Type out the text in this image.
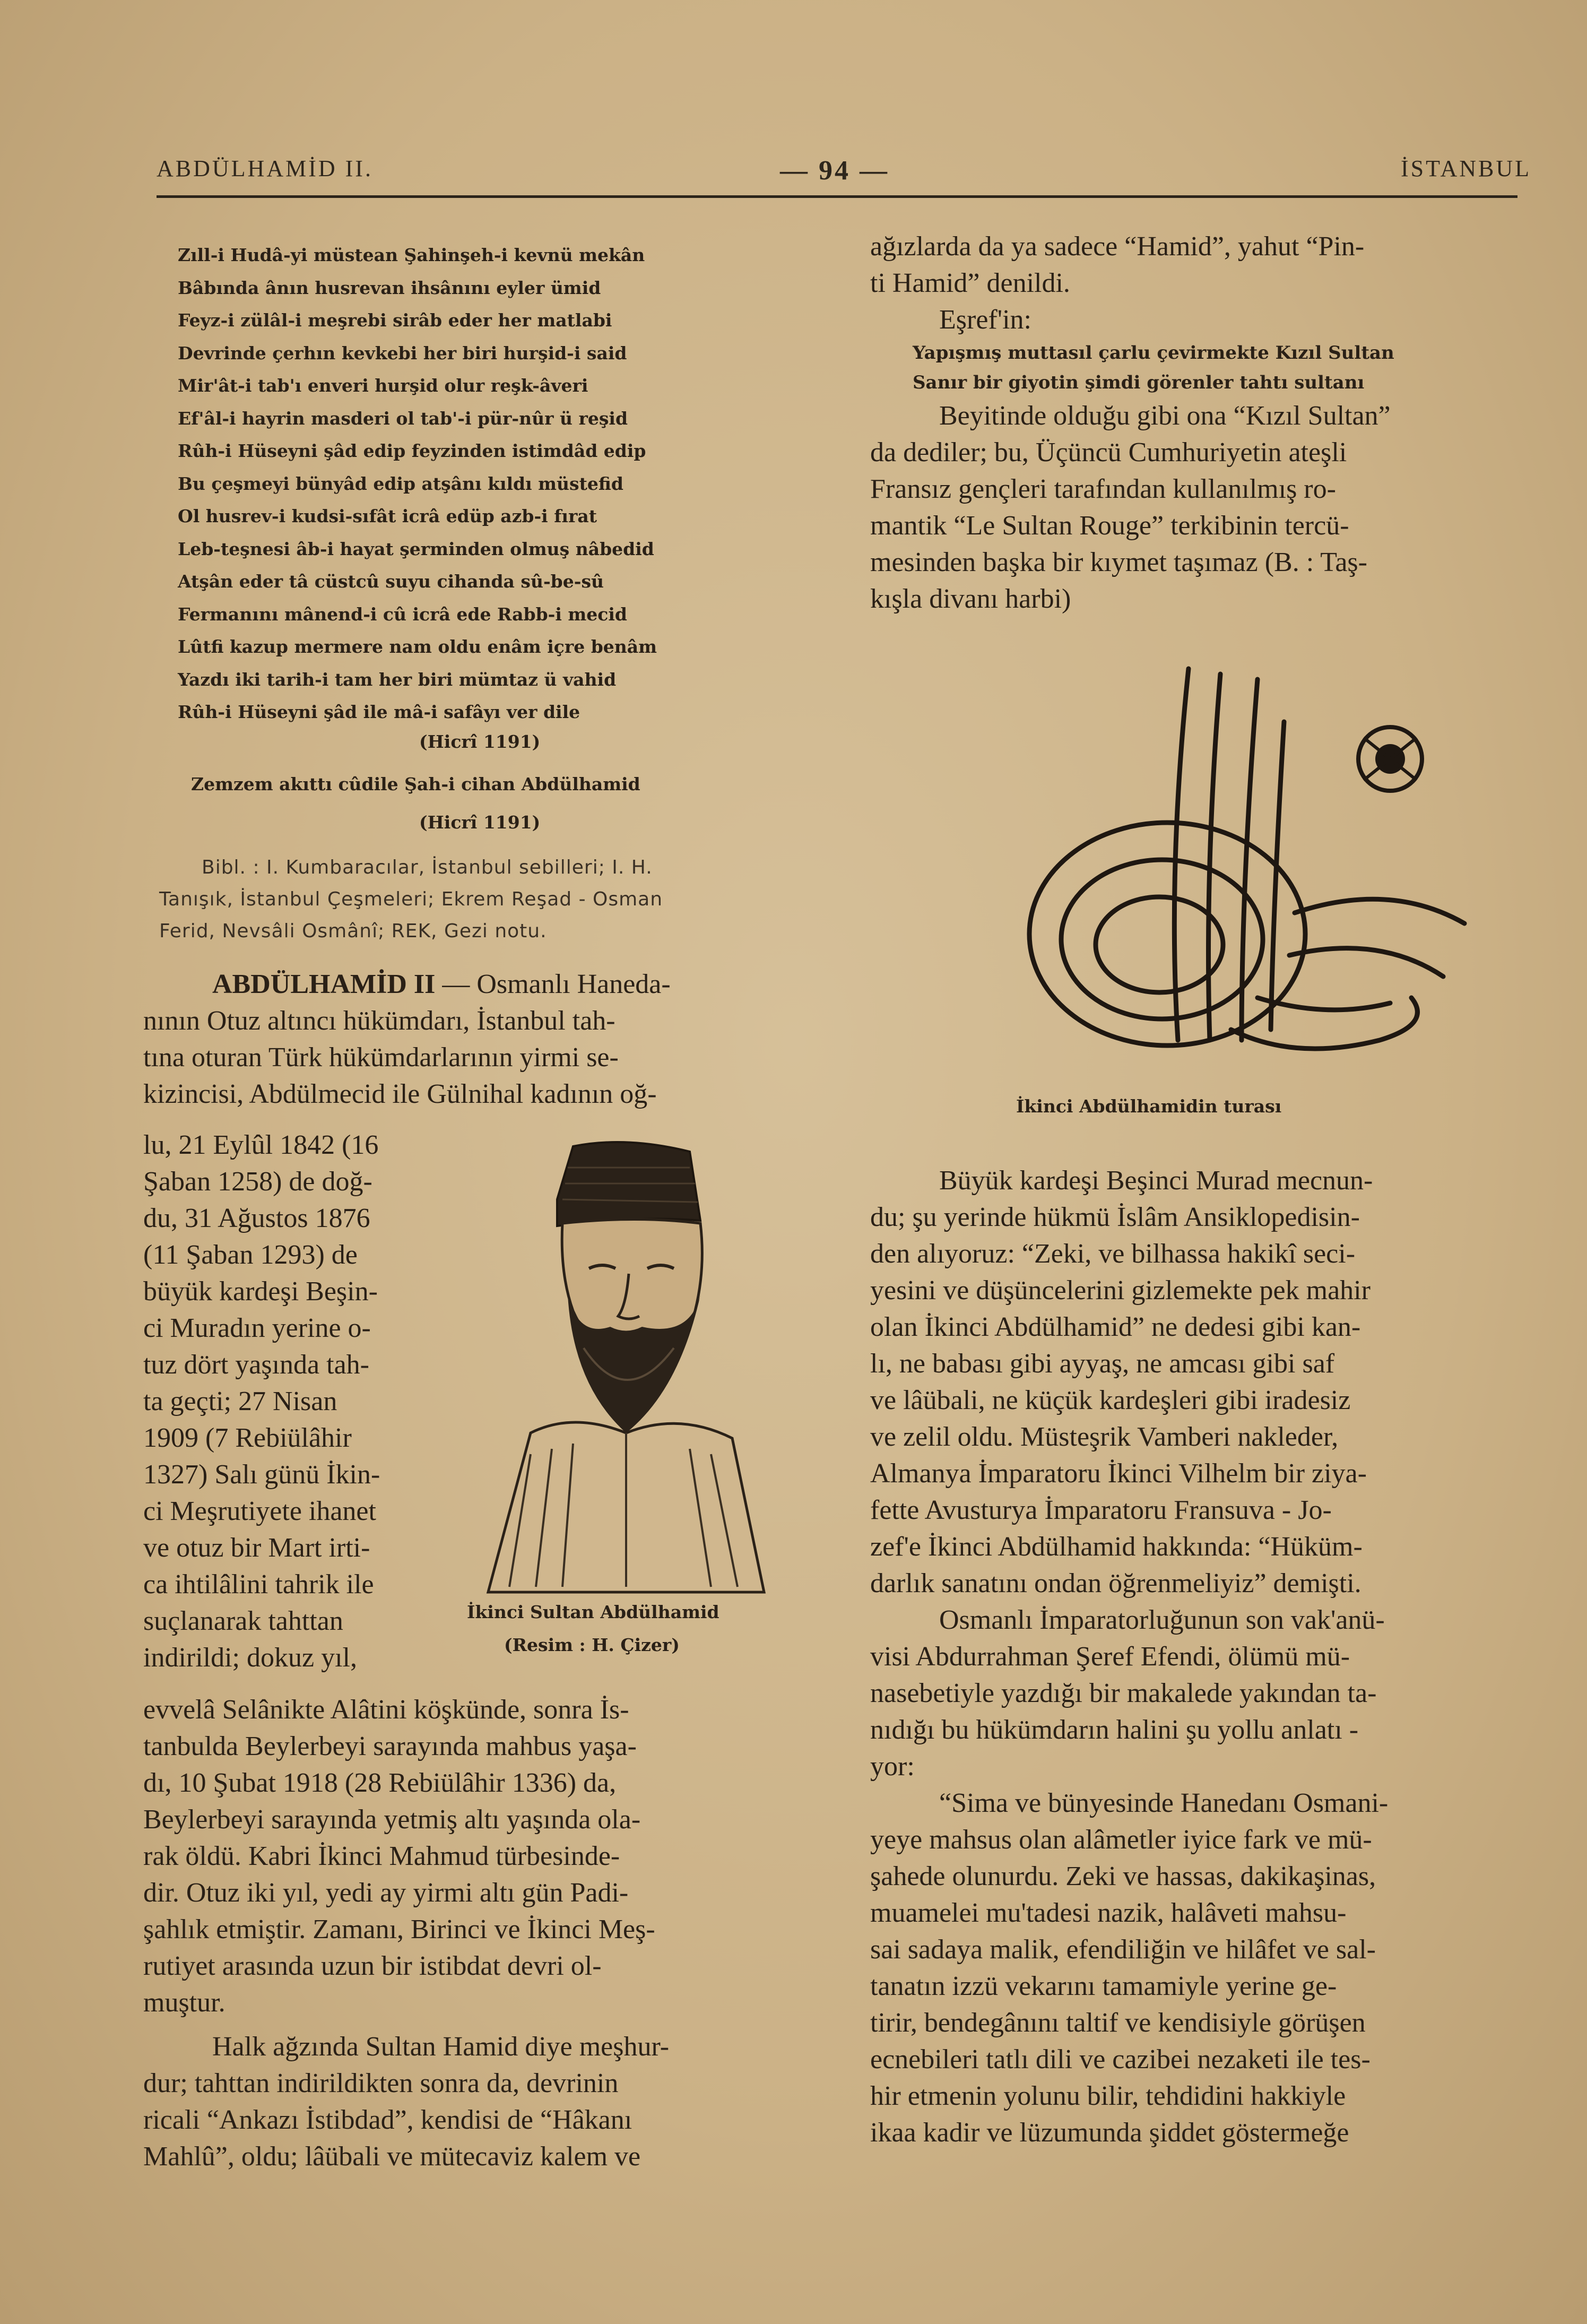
ABDÜLHAMİD II.	— 94 —	İSTANBUL
Zıll-i Hudâ-yi müstean Şahinşeh-i kevnü mekân
Bâbında ânın husrevan ihsânını eyler ümid
Feyz-i zülâl-i meşrebi sirâb eder her matlabi
Devrinde çerhın kevkebi her biri hurşid-i said
Mir'ât-i tab'ı enveri hurşid olur reşk-âveri
Ef'âl-i hayrin masderi ol tab'-i pür-nûr ü reşid
Rûh-i Hüseyni şâd edip feyzinden istimdâd edip
Bu çeşmeyi bünyâd edip atşânı kıldı müstefid
Ol husrev-i kudsi-sıfât icrâ edüp azb-i fırat
Leb-teşnesi âb-i hayat şerminden olmuş nâbedid
Atşân eder tâ cüstcû suyu cihanda sû-be-sû
Fermanını mânend-i cû icrâ ede Rabb-i mecid
Lûtfi kazup mermere nam oldu enâm içre benâm
Yazdı iki tarih-i tam her biri mümtaz ü vahid
Rûh-i Hüseyni şâd ile mâ-i safâyı ver dile
(Hicrî 1191)
Zemzem akıttı cûdile Şah-i cihan Abdülhamid
(Hicrî 1191)
Bibl. : I. Kumbaracılar, İstanbul sebilleri; I. H.
Tanışık, İstanbul Çeşmeleri; Ekrem Reşad - Osman
Ferid, Nevsâli Osmânî; REK, Gezi notu.
ABDÜLHAMİD II — Osmanlı Haneda-
nının Otuz altıncı hükümdarı, İstanbul tah-
tına oturan Türk hükümdarlarının yirmi se-
kizincisi, Abdülmecid ile Gülnihal kadının oğ-
lu, 21 Eylûl 1842 (16
Şaban 1258) de doğ-
du, 31 Ağustos 1876
(11 Şaban 1293) de
büyük kardeşi Beşin-
ci Muradın yerine o-
tuz dört yaşında tah-
ta geçti; 27 Nisan
1909 (7 Rebiülâhir
1327) Salı günü İkin-
ci Meşrutiyete ihanet
ve otuz bir Mart irti-
ca ihtilâlini tahrik ile
suçlanarak tahttan
indirildi; dokuz yıl,
İkinci Sultan Abdülhamid
(Resim : H. Çizer)
evvelâ Selânikte Alâtini köşkünde, sonra İs-
tanbulda Beylerbeyi sarayında mahbus yaşa-
dı, 10 Şubat 1918 (28 Rebiülâhir 1336) da,
Beylerbeyi sarayında yetmiş altı yaşında ola-
rak öldü. Kabri İkinci Mahmud türbesinde-
dir. Otuz iki yıl, yedi ay yirmi altı gün Padi-
şahlık etmiştir. Zamanı, Birinci ve İkinci Meş-
rutiyet arasında uzun bir istibdat devri ol-
muştur.
Halk ağzında Sultan Hamid diye meşhur-
dur; tahttan indirildikten sonra da, devrinin
ricali “Ankazı İstibdad”, kendisi de “Hâkanı
Mahlû”, oldu; lâübali ve mütecaviz kalem ve
ağızlarda da ya sadece “Hamid”, yahut “Pin-
ti Hamid” denildi.
Eşref'in:
Yapışmış muttasıl çarlu çevirmekte Kızıl Sultan
Sanır bir giyotin şimdi görenler tahtı sultanı
Beyitinde olduğu gibi ona “Kızıl Sultan”
da dediler; bu, Üçüncü Cumhuriyetin ateşli
Fransız gençleri tarafından kullanılmış ro-
mantik “Le Sultan Rouge” terkibinin tercü-
mesinden başka bir kıymet taşımaz (B. : Taş-
kışla divanı harbi)
İkinci Abdülhamidin turası
Büyük kardeşi Beşinci Murad mecnun-
du; şu yerinde hükmü İslâm Ansiklopedisin-
den alıyoruz: “Zeki, ve bilhassa hakikî seci-
yesini ve düşüncelerini gizlemekte pek mahir
olan İkinci Abdülhamid” ne dedesi gibi kan-
lı, ne babası gibi ayyaş, ne amcası gibi saf
ve lâübali, ne küçük kardeşleri gibi iradesiz
ve zelil oldu. Müsteşrik Vamberi nakleder,
Almanya İmparatoru İkinci Vilhelm bir ziya-
fette Avusturya İmparatoru Fransuva - Jo-
zef'e İkinci Abdülhamid hakkında: “Hüküm-
darlık sanatını ondan öğrenmeliyiz” demişti.
Osmanlı İmparatorluğunun son vak'anü-
visi Abdurrahman Şeref Efendi, ölümü mü-
nasebetiyle yazdığı bir makalede yakından ta-
nıdığı bu hükümdarın halini şu yollu anlatı -
yor:
“Sima ve bünyesinde Hanedanı Osmani-
yeye mahsus olan alâmetler iyice fark ve mü-
şahede olunurdu. Zeki ve hassas, dakikaşinas,
muamelei mu'tadesi nazik, halâveti mahsu-
sai sadaya malik, efendiliğin ve hilâfet ve sal-
tanatın izzü vekarını tamamiyle yerine ge-
tirir, bendegânını taltif ve kendisiyle görüşen
ecnebileri tatlı dili ve cazibei nezaketi ile tes-
hir etmenin yolunu bilir, tehdidini hakkiyle
ikaa kadir ve lüzumunda şiddet göstermeğe
